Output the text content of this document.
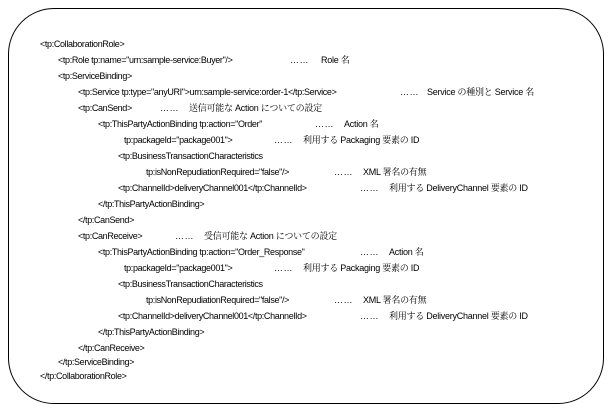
<tp:CollaborationRole>
<tp:Role tp:name="urn:sample-service:Buyer"/>	…… Role 名
<tp:ServiceBinding>
<tp:Service tp:type="anyURI">urn:sample-service:order-1</tp:Service>	…… Service の種別と Service 名
<tp:CanSend>	…… 送信可能な Action についての設定
<tp:ThisPartyActionBinding tp:action="Order"	…… Action 名
tp:packageId="package001">	…… 利用する Packaging 要素の ID
<tp:BusinessTransactionCharacteristics
tp:isNonRepudiationRequired="false"/>	…… XML 署名の有無
<tp:ChannelId>deliveryChannel001</tp:ChannelId>	…… 利用する DeliveryChannel 要素の ID
</tp:ThisPartyActionBinding>
</tp:CanSend>
<tp:CanReceive>	…… 受信可能な Action についての設定
<tp:ThisPartyActionBinding tp:action="Order_Response"	…… Action 名
tp:packageId="package001">	…… 利用する Packaging 要素の ID
<tp:BusinessTransactionCharacteristics
tp:isNonRepudiationRequired="false"/>	…… XML 署名の有無
<tp:ChannelId>deliveryChannel001</tp:ChannelId>	…… 利用する DeliveryChannel 要素の ID
</tp:ThisPartyActionBinding>
</tp:CanReceive>
</tp:ServiceBinding>
</tp:CollaborationRole>
